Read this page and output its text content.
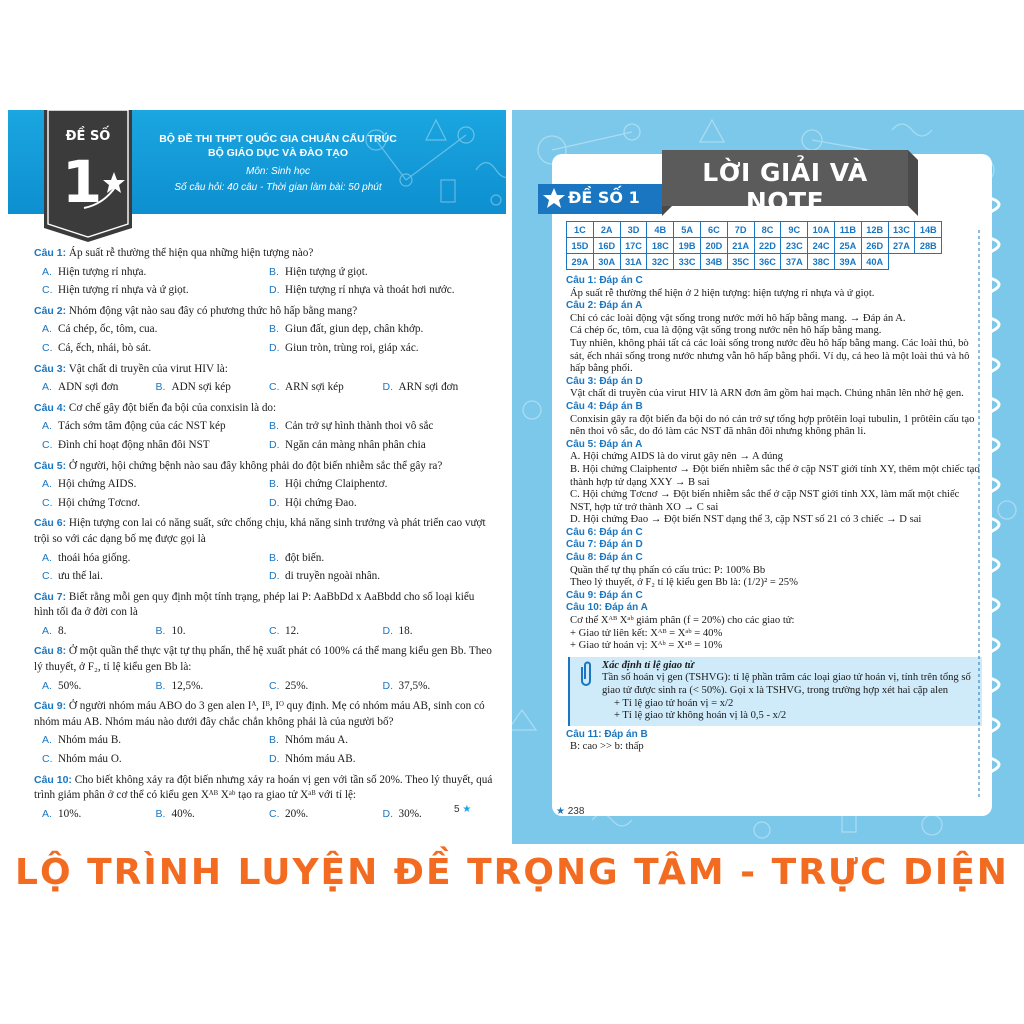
BỘ ĐỀ THI THPT QUỐC GIA CHUẨN CẤU TRÚC
BỘ GIÁO DỤC VÀ ĐÀO TẠO
Môn: Sinh học
Số câu hỏi: 40 câu - Thời gian làm bài: 50 phút
ĐỀ SỐ
1
Câu 1: Áp suất rễ thường thể hiện qua những hiện tượng nào?
A. Hiện tượng rỉ nhựa.	B. Hiện tượng ứ giọt.
C. Hiện tượng rỉ nhựa và ứ giọt.	D. Hiện tượng rỉ nhựa và thoát hơi nước.
Câu 2: Nhóm động vật nào sau đây có phương thức hô hấp bằng mang?
A. Cá chép, ốc, tôm, cua.	B. Giun đất, giun dẹp, chân khớp.
C. Cá, ếch, nhái, bò sát.	D. Giun tròn, trùng roi, giáp xác.
Câu 3: Vật chất di truyền của virut HIV là:
A. ADN sợi đơn	B. ADN sợi kép	C. ARN sợi kép	D. ARN sợi đơn
Câu 4: Cơ chế gây đột biến đa bội của conxisin là do:
A. Tách sớm tâm động của các NST kép	B. Cản trở sự hình thành thoi vô sắc
C. Đình chỉ hoạt động nhân đôi NST	D. Ngăn cản màng nhân phân chia
Câu 5: Ở người, hội chứng bệnh nào sau đây không phải do đột biến nhiễm sắc thể gây ra?
A. Hội chứng AIDS.	B. Hội chứng Claiphentơ.
C. Hội chứng Tơcnơ.	D. Hội chứng Đao.
Câu 6: Hiện tượng con lai có năng suất, sức chống chịu, khả năng sinh trưởng và phát triển cao vượt trội so với các dạng bố mẹ được gọi là
A. thoái hóa giống.	B. đột biến.
C. ưu thế lai.	D. di truyền ngoài nhân.
Câu 7: Biết rằng mỗi gen quy định một tính trạng, phép lai P: AaBbDd x AaBbdd cho số loại kiểu hình tối đa ở đời con là
A. 8.	B. 10.	C. 12.	D. 18.
Câu 8: Ở một quần thể thực vật tự thụ phấn, thế hệ xuất phát có 100% cá thể mang kiểu gen Bb. Theo lý thuyết, ở F₂, tỉ lệ kiểu gen Bb là:
A. 50%.	B. 12,5%.	C. 25%.	D. 37,5%.
Câu 9: Ở người nhóm máu ABO do 3 gen alen Iᴬ, Iᴮ, Iᴼ quy định. Mẹ có nhóm máu AB, sinh con có nhóm máu AB. Nhóm máu nào dưới đây chắc chắn không phải là của người bố?
A. Nhóm máu B.	B. Nhóm máu A.
C. Nhóm máu O.	D. Nhóm máu AB.
Câu 10: Cho biết không xảy ra đột biến nhưng xảy ra hoán vị gen với tần số 20%. Theo lý thuyết, quá trình giảm phân ở cơ thể có kiểu gen Xᴬᴮ Xᵃᵇ tạo ra giao tử Xᵃᴮ với tỉ lệ:
A. 10%.	B. 40%.	C. 20%.	D. 30%.	5 ★
LỜI GIẢI VÀ NOTE
ĐỀ SỐ 1
1C	2A	3D	4B	5A	6C	7D	8C	9C	10A	11B	12B	13C	14B
15D	16D	17C	18C	19B	20D	21A	22D	23C	24C	25A	26D	27A	28B
29A	30A	31A	32C	33C	34B	35C	36C	37A	38C	39A	40A		
Câu 1: Đáp án C

Áp suất rễ thường thể hiện ở 2 hiện tượng: hiện tượng rỉ nhựa và ứ giọt.

Câu 2: Đáp án A

Chỉ có các loài động vật sống trong nước mới hô hấp bằng mang. → Đáp án A.

Cá chép ốc, tôm, cua là động vật sống trong nước nên hô hấp bằng mang.

Tuy nhiên, không phải tất cả các loài sống trong nước đều hô hấp bằng mang. Các loài thú, bò sát, ếch nhái sống trong nước nhưng vẫn hô hấp bằng phổi. Ví dụ, cá heo là một loài thú và hô hấp bằng phổi.

Câu 3: Đáp án D

Vật chất di truyền của virut HIV là ARN đơn âm gồm hai mạch. Chúng nhân lên nhờ hệ gen.

Câu 4: Đáp án B

Conxisin gây ra đột biến đa bội do nó cản trở sự tổng hợp prôtêin loại tubulin, 1 prôtêin cấu tạo nên thoi vô sắc, do đó làm các NST đã nhân đôi nhưng không phân li.

Câu 5: Đáp án A

A. Hội chứng AIDS là do virut gây nên → A đúng

B. Hội chứng Claiphentơ → Đột biến nhiễm sắc thể ở cặp NST giới tính XY, thêm một chiếc tạo thành hợp tử dạng XXY → B sai

C. Hội chứng Tơcnơ → Đột biến nhiễm sắc thể ở cặp NST giới tính XX, làm mất một chiếc NST, hợp tử trở thành XO → C sai

D. Hội chứng Đao → Đột biến NST dạng thể 3, cặp NST số 21 có 3 chiếc → D sai

Câu 6: Đáp án C
Câu 7: Đáp án D
Câu 8: Đáp án C

Quần thể tự thụ phấn có cấu trúc: P: 100% Bb

Theo lý thuyết, ở F₂ tỉ lệ kiểu gen Bb là: (1/2)² = 25%

Câu 9: Đáp án C
Câu 10: Đáp án A

Cơ thể Xᴬᴮ Xᵃᵇ giảm phân (f = 20%) cho các giao tử:

+ Giao tử liên kết: Xᴬᴮ = Xᵃᵇ = 40%

+ Giao tử hoán vị: Xᴬᵇ = Xᵃᴮ = 10%

Xác định tỉ lệ giao tử
Tần số hoán vị gen (TSHVG): tỉ lệ phần trăm các loại giao tử hoán vị, tính trên tổng số giao tử được sinh ra (< 50%). Gọi x là TSHVG, trong trường hợp xét hai cặp alen
+ Tỉ lệ giao tử hoán vị = x/2
+ Tỉ lệ giao tử không hoán vị là 0,5 - x/2
Câu 11: Đáp án B

B: cao >> b: thấp

★ 238
LỘ TRÌNH LUYỆN ĐỀ TRỌNG TÂM - TRỰC DIỆN
